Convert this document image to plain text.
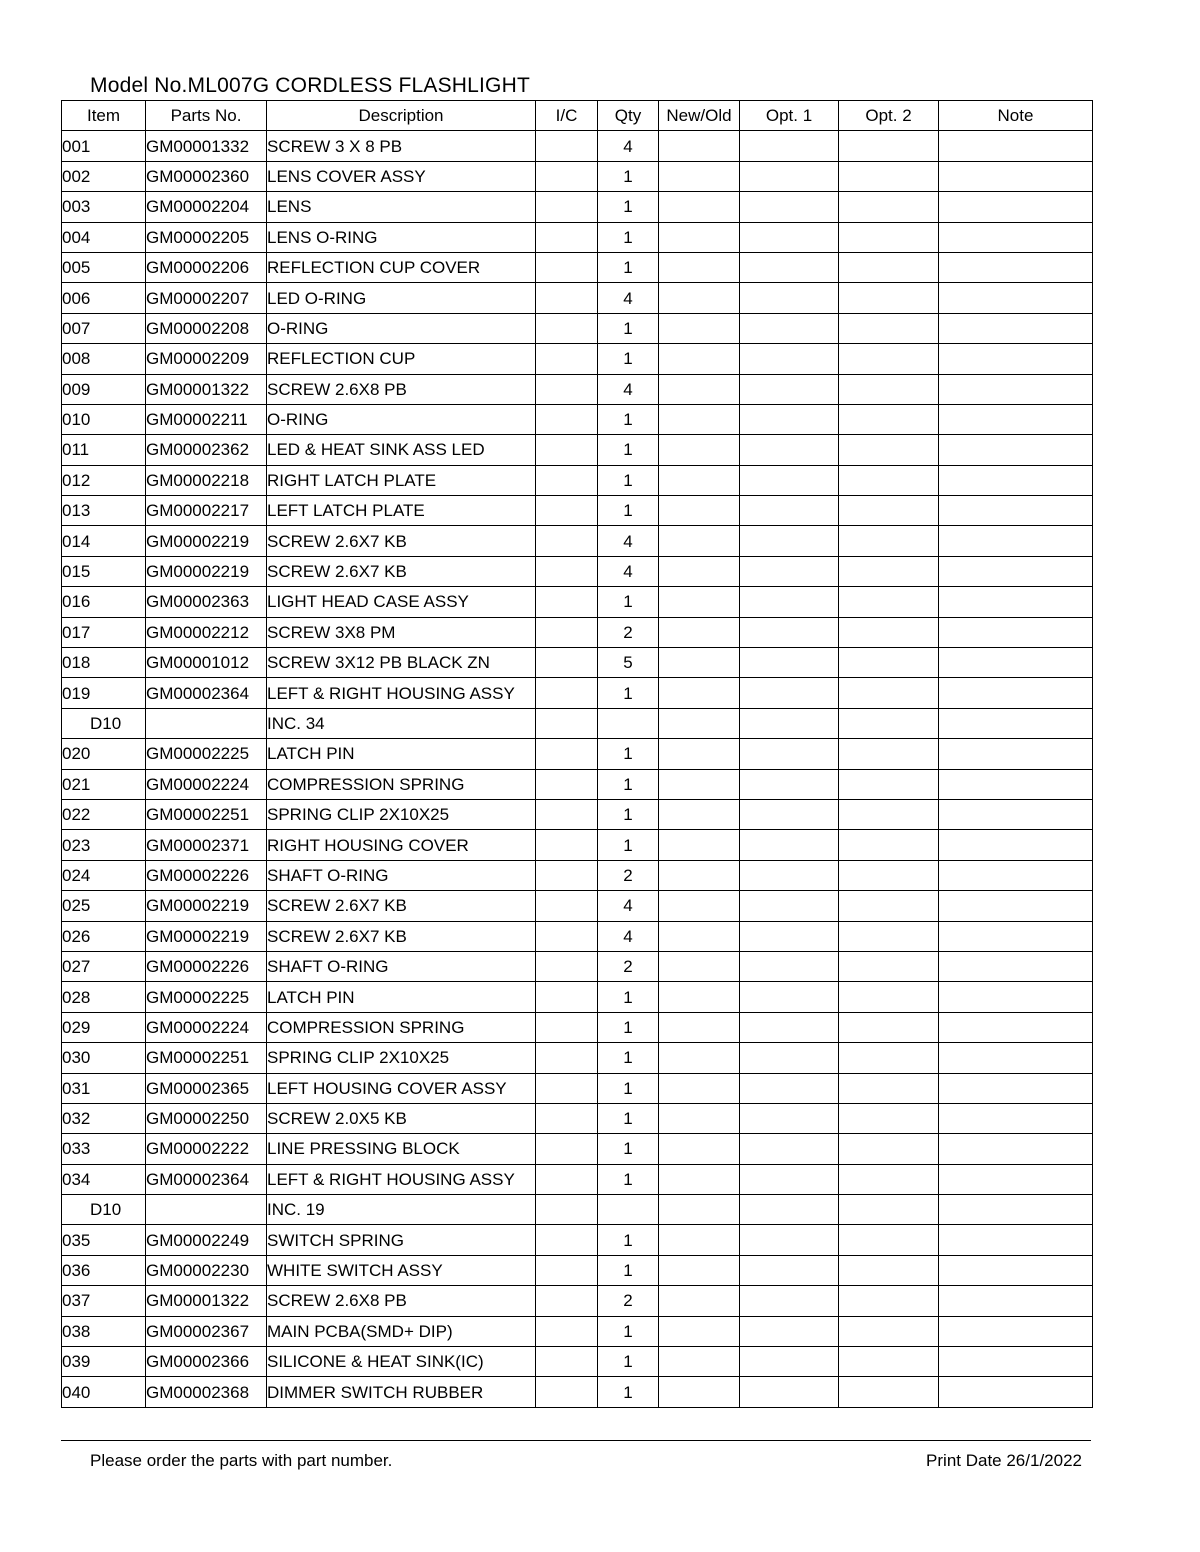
Model No.ML007G CORDLESS FLASHLIGHT
Item	Parts No.	Description	I/C	Qty	New/Old	Opt. 1	Opt. 2	Note
001	GM00001332	SCREW 3 X 8 PB		4				
002	GM00002360	LENS COVER ASSY		1				
003	GM00002204	LENS		1				
004	GM00002205	LENS O-RING		1				
005	GM00002206	REFLECTION CUP COVER		1				
006	GM00002207	LED O-RING		4				
007	GM00002208	O-RING		1				
008	GM00002209	REFLECTION CUP		1				
009	GM00001322	SCREW 2.6X8 PB		4				
010	GM00002211	O-RING		1				
011	GM00002362	LED & HEAT SINK ASS LED		1				
012	GM00002218	RIGHT LATCH PLATE		1				
013	GM00002217	LEFT LATCH PLATE		1				
014	GM00002219	SCREW 2.6X7 KB		4				
015	GM00002219	SCREW 2.6X7 KB		4				
016	GM00002363	LIGHT HEAD CASE ASSY		1				
017	GM00002212	SCREW 3X8 PM		2				
018	GM00001012	SCREW 3X12 PB BLACK ZN		5				
019	GM00002364	LEFT & RIGHT HOUSING ASSY		1				
D10		INC. 34						
020	GM00002225	LATCH PIN		1				
021	GM00002224	COMPRESSION SPRING		1				
022	GM00002251	SPRING CLIP 2X10X25		1				
023	GM00002371	RIGHT HOUSING COVER		1				
024	GM00002226	SHAFT O-RING		2				
025	GM00002219	SCREW 2.6X7 KB		4				
026	GM00002219	SCREW 2.6X7 KB		4				
027	GM00002226	SHAFT O-RING		2				
028	GM00002225	LATCH PIN		1				
029	GM00002224	COMPRESSION SPRING		1				
030	GM00002251	SPRING CLIP 2X10X25		1				
031	GM00002365	LEFT HOUSING COVER ASSY		1				
032	GM00002250	SCREW 2.0X5 KB		1				
033	GM00002222	LINE PRESSING BLOCK		1				
034	GM00002364	LEFT & RIGHT HOUSING ASSY		1				
D10		INC. 19						
035	GM00002249	SWITCH SPRING		1				
036	GM00002230	WHITE SWITCH ASSY		1				
037	GM00001322	SCREW 2.6X8 PB		2				
038	GM00002367	MAIN PCBA(SMD+ DIP)		1				
039	GM00002366	SILICONE & HEAT SINK(IC)		1				
040	GM00002368	DIMMER SWITCH RUBBER		1				
Please order the parts with part number.	Print Date 26/1/2022
